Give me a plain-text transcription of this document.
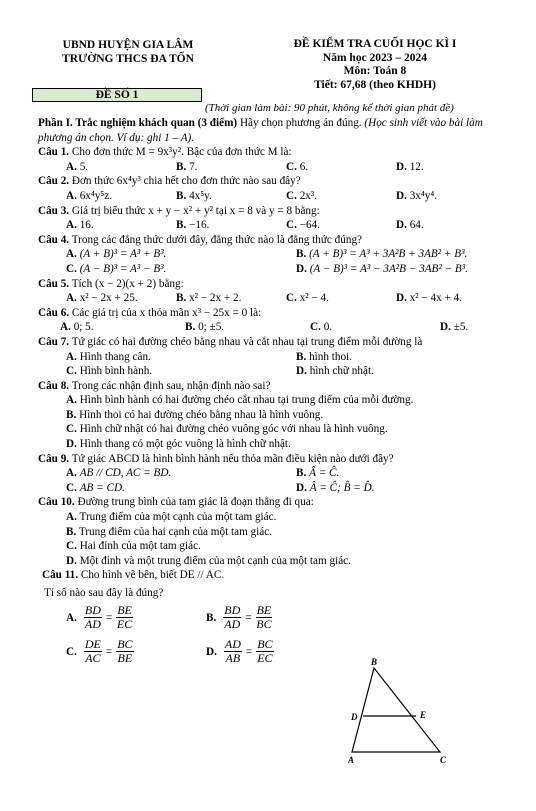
UBND HUYỆN GIA LÂM
TRƯỜNG THCS ĐA TỐN
ĐỀ KIỂM TRA CUỐI HỌC KÌ I
Năm học 2023 – 2024
Môn: Toán 8
Tiết: 67,68 (theo KHDH)
ĐỀ SỐ 1
(Thời gian làm bài: 90 phút, không kể thời gian phát đề)
Phần I. Trắc nghiệm khách quan (3 điểm) Hãy chọn phương án đúng. (Học sinh viết vào bài làm phương án chọn. Ví dụ: ghi 1 – A).
Câu 1. Cho đơn thức M = 9x³y². Bậc của đơn thức M là:
A. 5.	B. 7.	C. 6.	D. 12.
Câu 2. Đơn thức 6x⁴y³ chia hết cho đơn thức nào sau đây?
A. 6x⁴y⁵z.	B. 4x⁵y.	C. 2x³.	D. 3x⁴y⁴.
Câu 3. Giá trị biểu thức x + y − x² + y² tại x = 8 và y = 8 bằng:
A. 16.	B. −16.	C. −64.	D. 64.
Câu 4. Trong các đẳng thức dưới đây, đẳng thức nào là đẳng thức đúng?
A. (A + B)³ = A³ + B³.	B. (A + B)³ = A³ + 3A²B + 3AB² + B³.
C. (A − B)³ = A³ − B³.	D. (A − B)³ = A³ − 3A²B − 3AB² − B³.
Câu 5. Tích (x − 2)(x + 2) bằng:
A. x² − 2x + 25.	B. x² − 2x + 2.	C. x² − 4.	D. x² − 4x + 4.
Câu 6. Các giá trị của x thỏa mãn x³ − 25x = 0 là:
A. 0; 5.	B. 0; ±5.	C. 0.	D. ±5.
Câu 7. Tứ giác có hai đường chéo bằng nhau và cắt nhau tại trung điểm mỗi đường là
A. Hình thang cân.	B. hình thoi.
C. Hình bình hành.	D. hình chữ nhật.
Câu 8. Trong các nhận định sau, nhận định nào sai?
A. Hình bình hành có hai đường chéo cắt nhau tại trung điểm của mỗi đường.
B. Hình thoi có hai đường chéo bằng nhau là hình vuông.
C. Hình chữ nhật có hai đường chéo vuông góc với nhau là hình vuông.
D. Hình thang có một góc vuông là hình chữ nhật.
Câu 9. Tứ giác ABCD là hình bình hành nếu thỏa mãn điều kiện nào dưới đây?
A. AB // CD, AC = BD.	B. Â = Ĉ.
C. AB = CD.	D. Â = Ĉ; B̂ = D̂.
Câu 10. Đường trung bình của tam giác là đoạn thẳng đi qua:
A. Trung điểm của một cạnh của một tam giác.
B. Trung điểm của hai cạnh của một tam giác.
C. Hai đỉnh của một tam giác.
D. Một đỉnh và một trung điểm của một cạnh của một tam giác.
Câu 11. Cho hình vẽ bên, biết DE // AC.
Tỉ số nào sau đây là đúng?
A. $\frac{BD}{AD} = \frac{BE}{EC}$	B. $\frac{BD}{AD} = \frac{BE}{BC}$
C. $\frac{DE}{AC} = \frac{BC}{BE}$	D. $\frac{AD}{AB} = \frac{BC}{EC}$	B
D	E
A	C
